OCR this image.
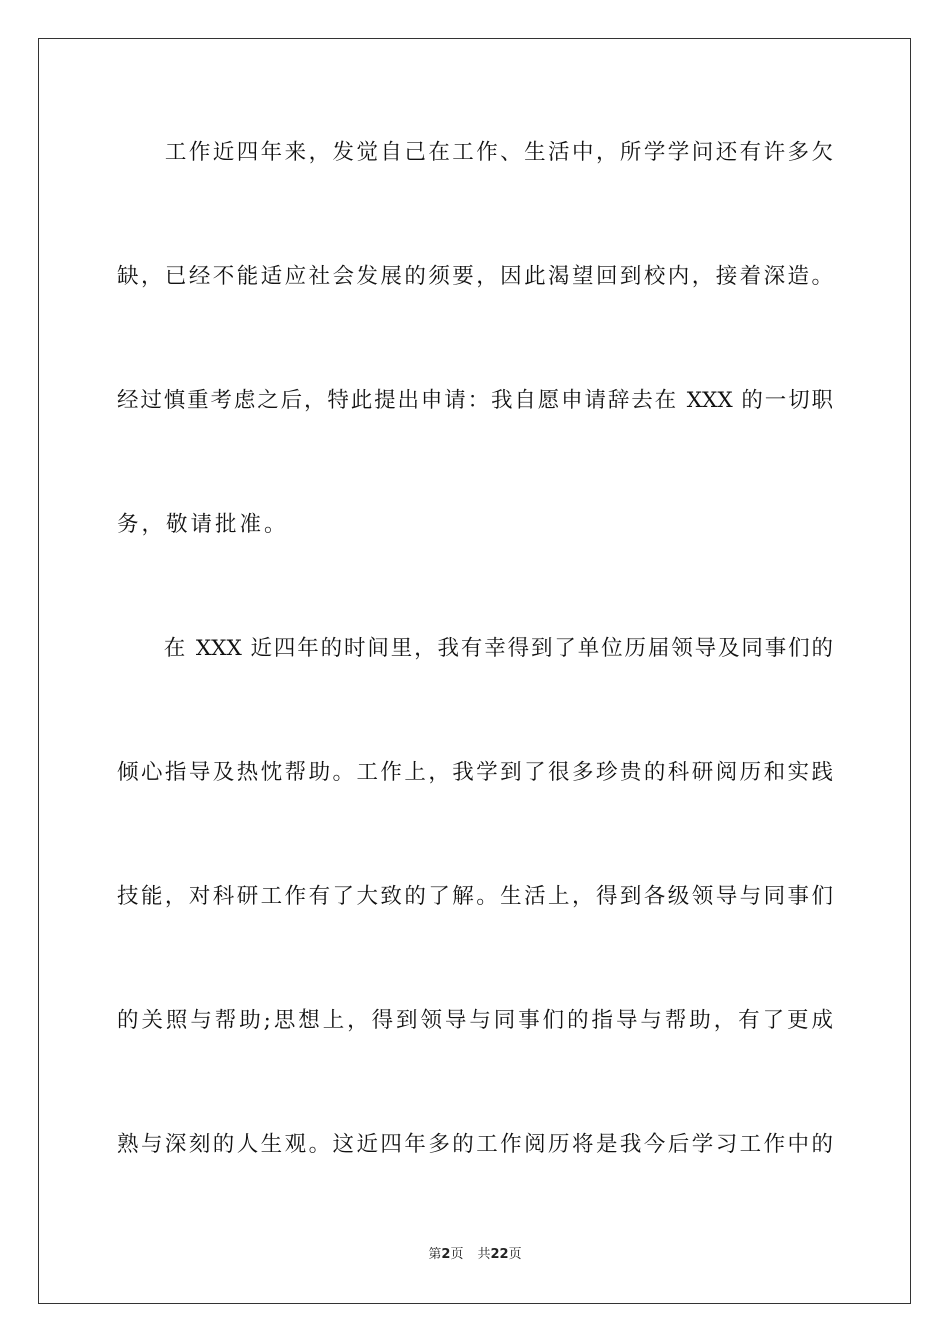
　　工作近四年来，发觉自己在工作、生活中，所学学问还有许多欠
缺，已经不能适应社会发展的须要，因此渴望回到校内，接着深造。
经过慎重考虑之后，特此提出申请：我自愿申请辞去在 XXX 的一切职
务，敬请批准。
　　在 XXX 近四年的时间里，我有幸得到了单位历届领导及同事们的
倾心指导及热忱帮助。工作上，我学到了很多珍贵的科研阅历和实践
技能，对科研工作有了大致的了解。生活上，得到各级领导与同事们
的关照与帮助;思想上，得到领导与同事们的指导与帮助，有了更成
熟与深刻的人生观。这近四年多的工作阅历将是我今后学习工作中的
第2页 共22页
